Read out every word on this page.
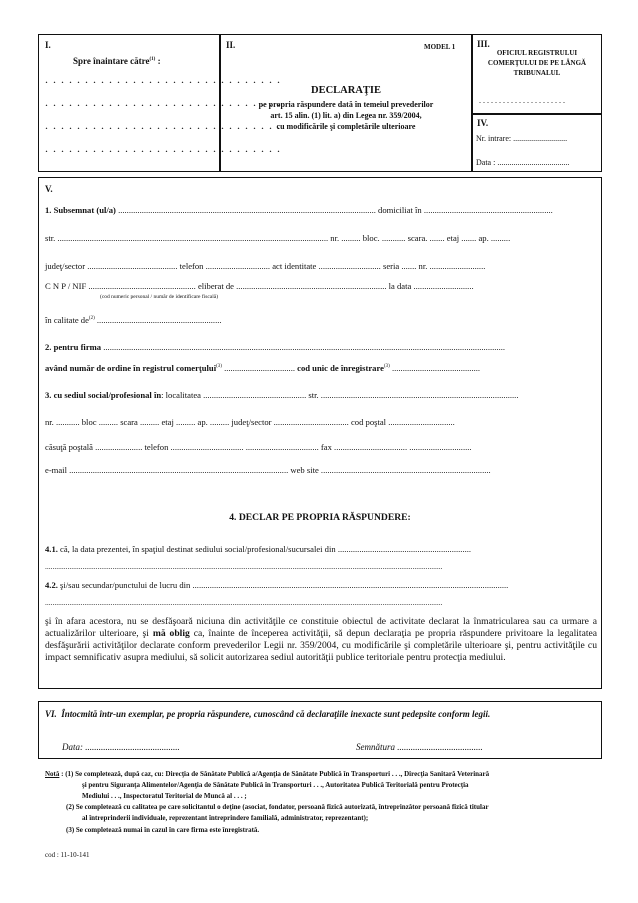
I.
Spre înaintare către$^{(1)}$ :
. . . . . . . . . . . . . . . . . . . . . . . . . . . . . .
. . . . . . . . . . . . . . . . . . . . . . . . . . . . . .
. . . . . . . . . . . . . . . . . . . . . . . . . . . . . .
. . . . . . . . . . . . . . . . . . . . . . . . . . . . . .
II.	MODEL 1
DECLARAŢIE
pe propria răspundere dată în temeiul prevederilor
art. 15 alin. (1) lit. a) din Legea nr. 359/2004,
cu modificările şi completările ulterioare
III.
OFICIUL REGISTRULUI
COMERŢULUI DE PE LÂNGĂ
TRIBUNALUL
. . . . . . . . . . . . . . . . . . . . . .
IV.
Nr. intrare: ...........................
Data : ....................................
V.
1. Subsemnat (ul/a) ........................................................................................................................ domiciliat în ............................................................
str. .............................................................................................................................. nr. ......... bloc. ........... scara. ....... etaj ....... ap. .........
judeţ/sector .......................................... telefon .............................. act identitate ............................. seria ....... nr. ..........................
C N P / NIF .................................................. eliberat de ...................................................................... la data ............................
(cod numeric personal / număr de identificare fiscală)
în calitate $de^{(2)}$ ..........................................................
2. pentru firma ...........................................................................................................................................................................................
având număr de ordine în registrul comerţului$^{(3)}$ ................................. cod unic de înregistrare$^{(3)}$ .........................................
3. cu sediul social/profesional în: localitatea ................................................ str. ............................................................................................
nr. ........... bloc ......... scara ......... etaj ......... ap. ......... judeţ/sector ................................... cod poştal ...............................
căsuţă poştală ...................... telefon .................................. .................................. fax .................................. .............................
e-mail ...................................................................................................... web site ...............................................................................
4. DECLAR PE PROPRIA RĂSPUNDERE:
4.1. că, la data prezentei, în spaţiul destinat sediului social/profesional/sucursalei din ..............................................................
....................................................................................................................................................................................................................
4.2. şi/sau secundar/punctului de lucru din ...................................................................................................................................................
....................................................................................................................................................................................................................
şi în afara acestora, nu se desfăşoară niciuna din activităţile ce constituie obiectul de activitate declarat la înmatricularea sau ca urmare a actualizărilor ulterioare, şi mă oblig ca, înainte de începerea activităţii, să depun declaraţia pe propria răspundere privitoare la legalitatea desfăşurării activităţilor declarate conform prevederilor Legii nr. 359/2004, cu modificările şi completările ulterioare şi, pentru activităţile cu impact semnificativ asupra mediului, să solicit autorizarea sediul autorităţii publice teritoriale pentru protecţia mediului.
VI. Întocmită într-un exemplar, pe propria răspundere, cunoscând că declaraţiile inexacte sunt pedepsite conform legii.
Data: ..........................................	Semnătura ......................................
Notă : (1) Se completează, după caz, cu: Direcţia de Sănătate Publică a/Agenţia de Sănătate Publică în Transporturi . . ., Direcţia Sanitară Veterinară
şi pentru Siguranţa Alimentelor/Agenţia de Sănătate Publică în Transporturi . . ., Autoritatea Publică Teritorială pentru Protecţia
Mediului . . ., Inspectoratul Teritorial de Muncă al . . . ;
(2) Se completează cu calitatea pe care solicitantul o deţine (asociat, fondator, persoană fizică autorizată, întreprinzător persoană fizică titular
al întreprinderii individuale, reprezentant întreprindere familială, administrator, reprezentant);
(3) Se completează numai în cazul în care firma este înregistrată.
cod : 11-10-141
